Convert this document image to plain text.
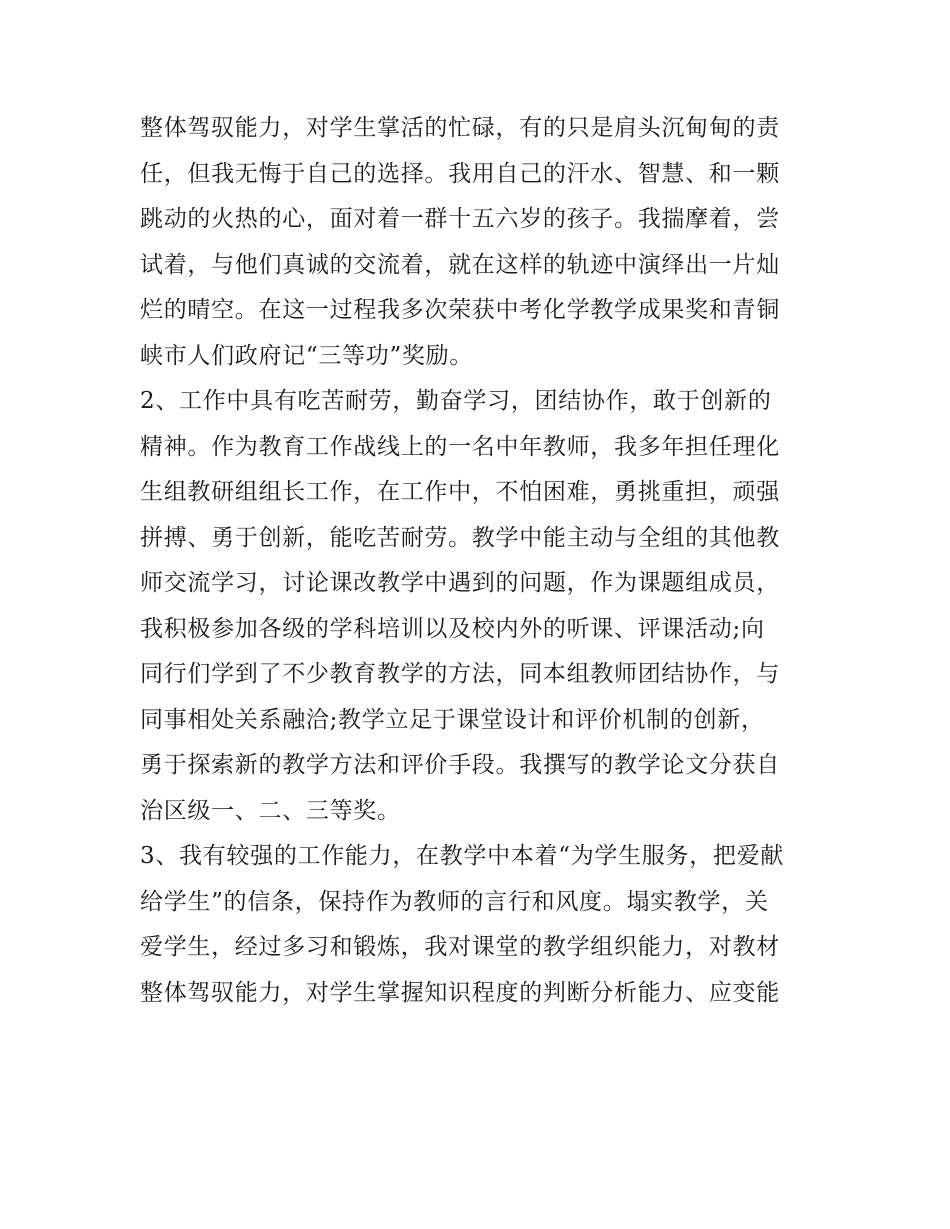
整体驾驭能力，对学生掌活的忙碌，有的只是肩头沉甸甸的责
任，但我无悔于自己的选择。我用自己的汗水、智慧、和一颗
跳动的火热的心，面对着一群十五六岁的孩子。我揣摩着，尝
试着，与他们真诚的交流着，就在这样的轨迹中演绎出一片灿
烂的晴空。在这一过程我多次荣获中考化学教学成果奖和青铜
峡市人们政府记“三等功”奖励。
2、工作中具有吃苦耐劳，勤奋学习，团结协作，敢于创新的
精神。作为教育工作战线上的一名中年教师，我多年担任理化
生组教研组组长工作，在工作中，不怕困难，勇挑重担，顽强
拼搏、勇于创新，能吃苦耐劳。教学中能主动与全组的其他教
师交流学习，讨论课改教学中遇到的问题，作为课题组成员，
我积极参加各级的学科培训以及校内外的听课、评课活动;向
同行们学到了不少教育教学的方法，同本组教师团结协作，与
同事相处关系融洽;教学立足于课堂设计和评价机制的创新，
勇于探索新的教学方法和评价手段。我撰写的教学论文分获自
治区级一、二、三等奖。
3、我有较强的工作能力，在教学中本着“为学生服务，把爱献
给学生”的信条，保持作为教师的言行和风度。塌实教学，关
爱学生，经过多习和锻炼，我对课堂的教学组织能力，对教材
整体驾驭能力，对学生掌握知识程度的判断分析能力、应变能
